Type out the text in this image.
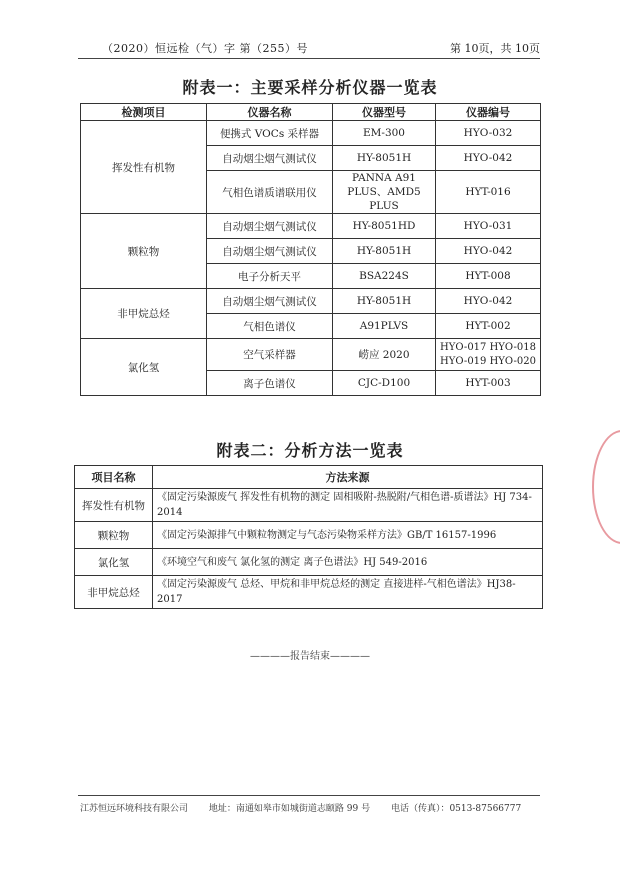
（2020）恒远检（气）字 第（255）号	第 10页，共 10页
附表一：主要采样分析仪器一览表
检测项目	仪器名称	仪器型号	仪器编号
挥发性有机物	便携式 VOCs 采样器	EM-300	HYO-032
	自动烟尘烟气测试仪	HY-8051H	HYO-042
	气相色谱质谱联用仪	PANNA A91 PLUS、AMD5 PLUS	HYT-016
颗粒物	自动烟尘烟气测试仪	HY-8051HD	HYO-031
	自动烟尘烟气测试仪	HY-8051H	HYO-042
	电子分析天平	BSA224S	HYT-008
非甲烷总烃	自动烟尘烟气测试仪	HY-8051H	HYO-042
	气相色谱仪	A91PLVS	HYT-002
氯化氢	空气采样器	崂应 2020	HYO-017 HYO-018 HYO-019 HYO-020
	离子色谱仪	CJC-D100	HYT-003
附表二：分析方法一览表
项目名称	方法来源
挥发性有机物	《固定污染源废气 挥发性有机物的测定 固相吸附-热脱附/气相色谱-质谱法》HJ 734-2014
颗粒物	《固定污染源排气中颗粒物测定与气态污染物采样方法》GB/T 16157-1996
氯化氢	《环境空气和废气 氯化氢的测定 离子色谱法》HJ 549-2016
非甲烷总烃	《固定污染源废气 总烃、甲烷和非甲烷总烃的测定 直接进样-气相色谱法》HJ38-2017
————报告结束————
江苏恒远环境科技有限公司 地址：南通如皋市如城街道志颐路 99 号 电话（传真）：0513-87566777
